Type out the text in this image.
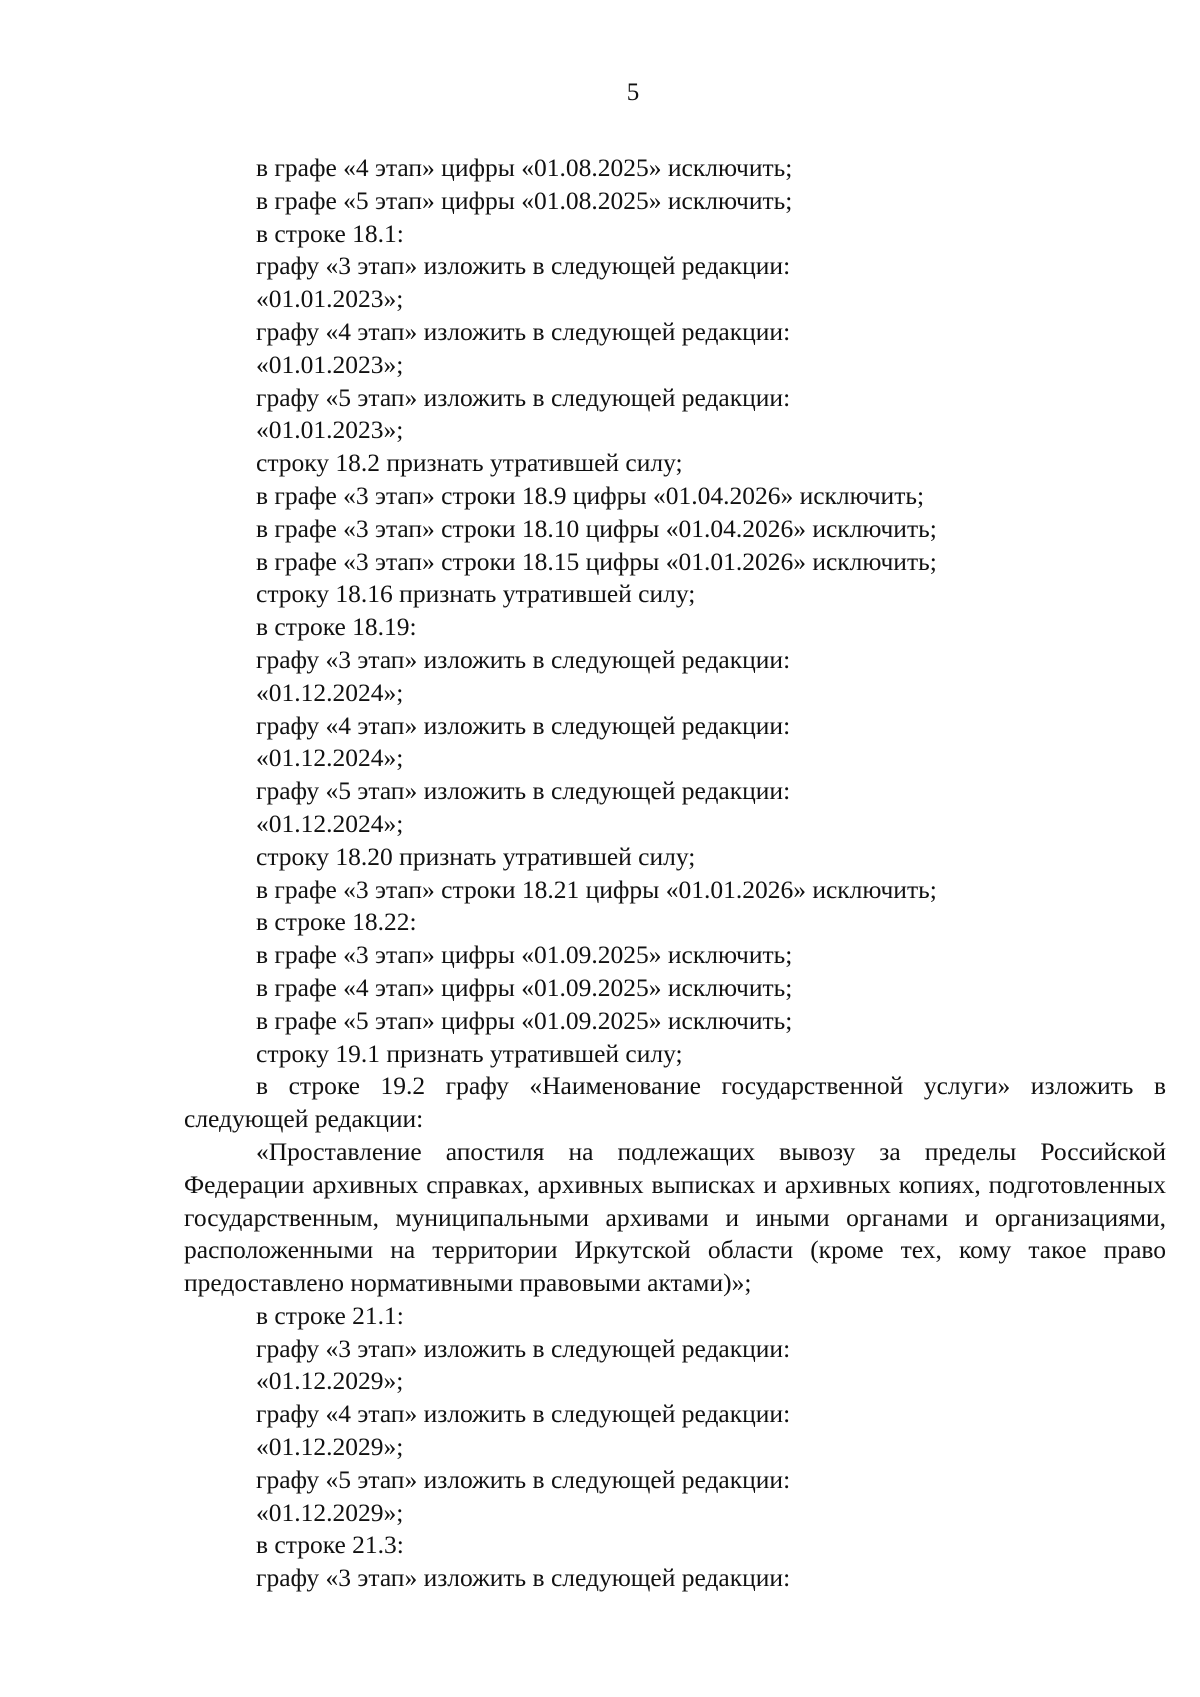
5
в графе «4 этап» цифры «01.08.2025» исключить;
в графе «5 этап» цифры «01.08.2025» исключить;
в строке 18.1:
графу «3 этап» изложить в следующей редакции:
«01.01.2023»;
графу «4 этап» изложить в следующей редакции:
«01.01.2023»;
графу «5 этап» изложить в следующей редакции:
«01.01.2023»;
строку 18.2 признать утратившей силу;
в графе «3 этап» строки 18.9 цифры «01.04.2026» исключить;
в графе «3 этап» строки 18.10 цифры «01.04.2026» исключить;
в графе «3 этап» строки 18.15 цифры «01.01.2026» исключить;
строку 18.16 признать утратившей силу;
в строке 18.19:
графу «3 этап» изложить в следующей редакции:
«01.12.2024»;
графу «4 этап» изложить в следующей редакции:
«01.12.2024»;
графу «5 этап» изложить в следующей редакции:
«01.12.2024»;
строку 18.20 признать утратившей силу;
в графе «3 этап» строки 18.21 цифры «01.01.2026» исключить;
в строке 18.22:
в графе «3 этап» цифры «01.09.2025» исключить;
в графе «4 этап» цифры «01.09.2025» исключить;
в графе «5 этап» цифры «01.09.2025» исключить;
строку 19.1 признать утратившей силу;
в строке 19.2 графу «Наименование государственной услуги» изложить в следующей редакции:
«Проставление апостиля на подлежащих вывозу за пределы Российской Федерации архивных справках, архивных выписках и архивных копиях, подготовленных государственным, муниципальными архивами и иными органами и организациями, расположенными на территории Иркутской области (кроме тех, кому такое право предоставлено нормативными правовыми актами)»;
в строке 21.1:
графу «3 этап» изложить в следующей редакции:
«01.12.2029»;
графу «4 этап» изложить в следующей редакции:
«01.12.2029»;
графу «5 этап» изложить в следующей редакции:
«01.12.2029»;
в строке 21.3:
графу «3 этап» изложить в следующей редакции:
